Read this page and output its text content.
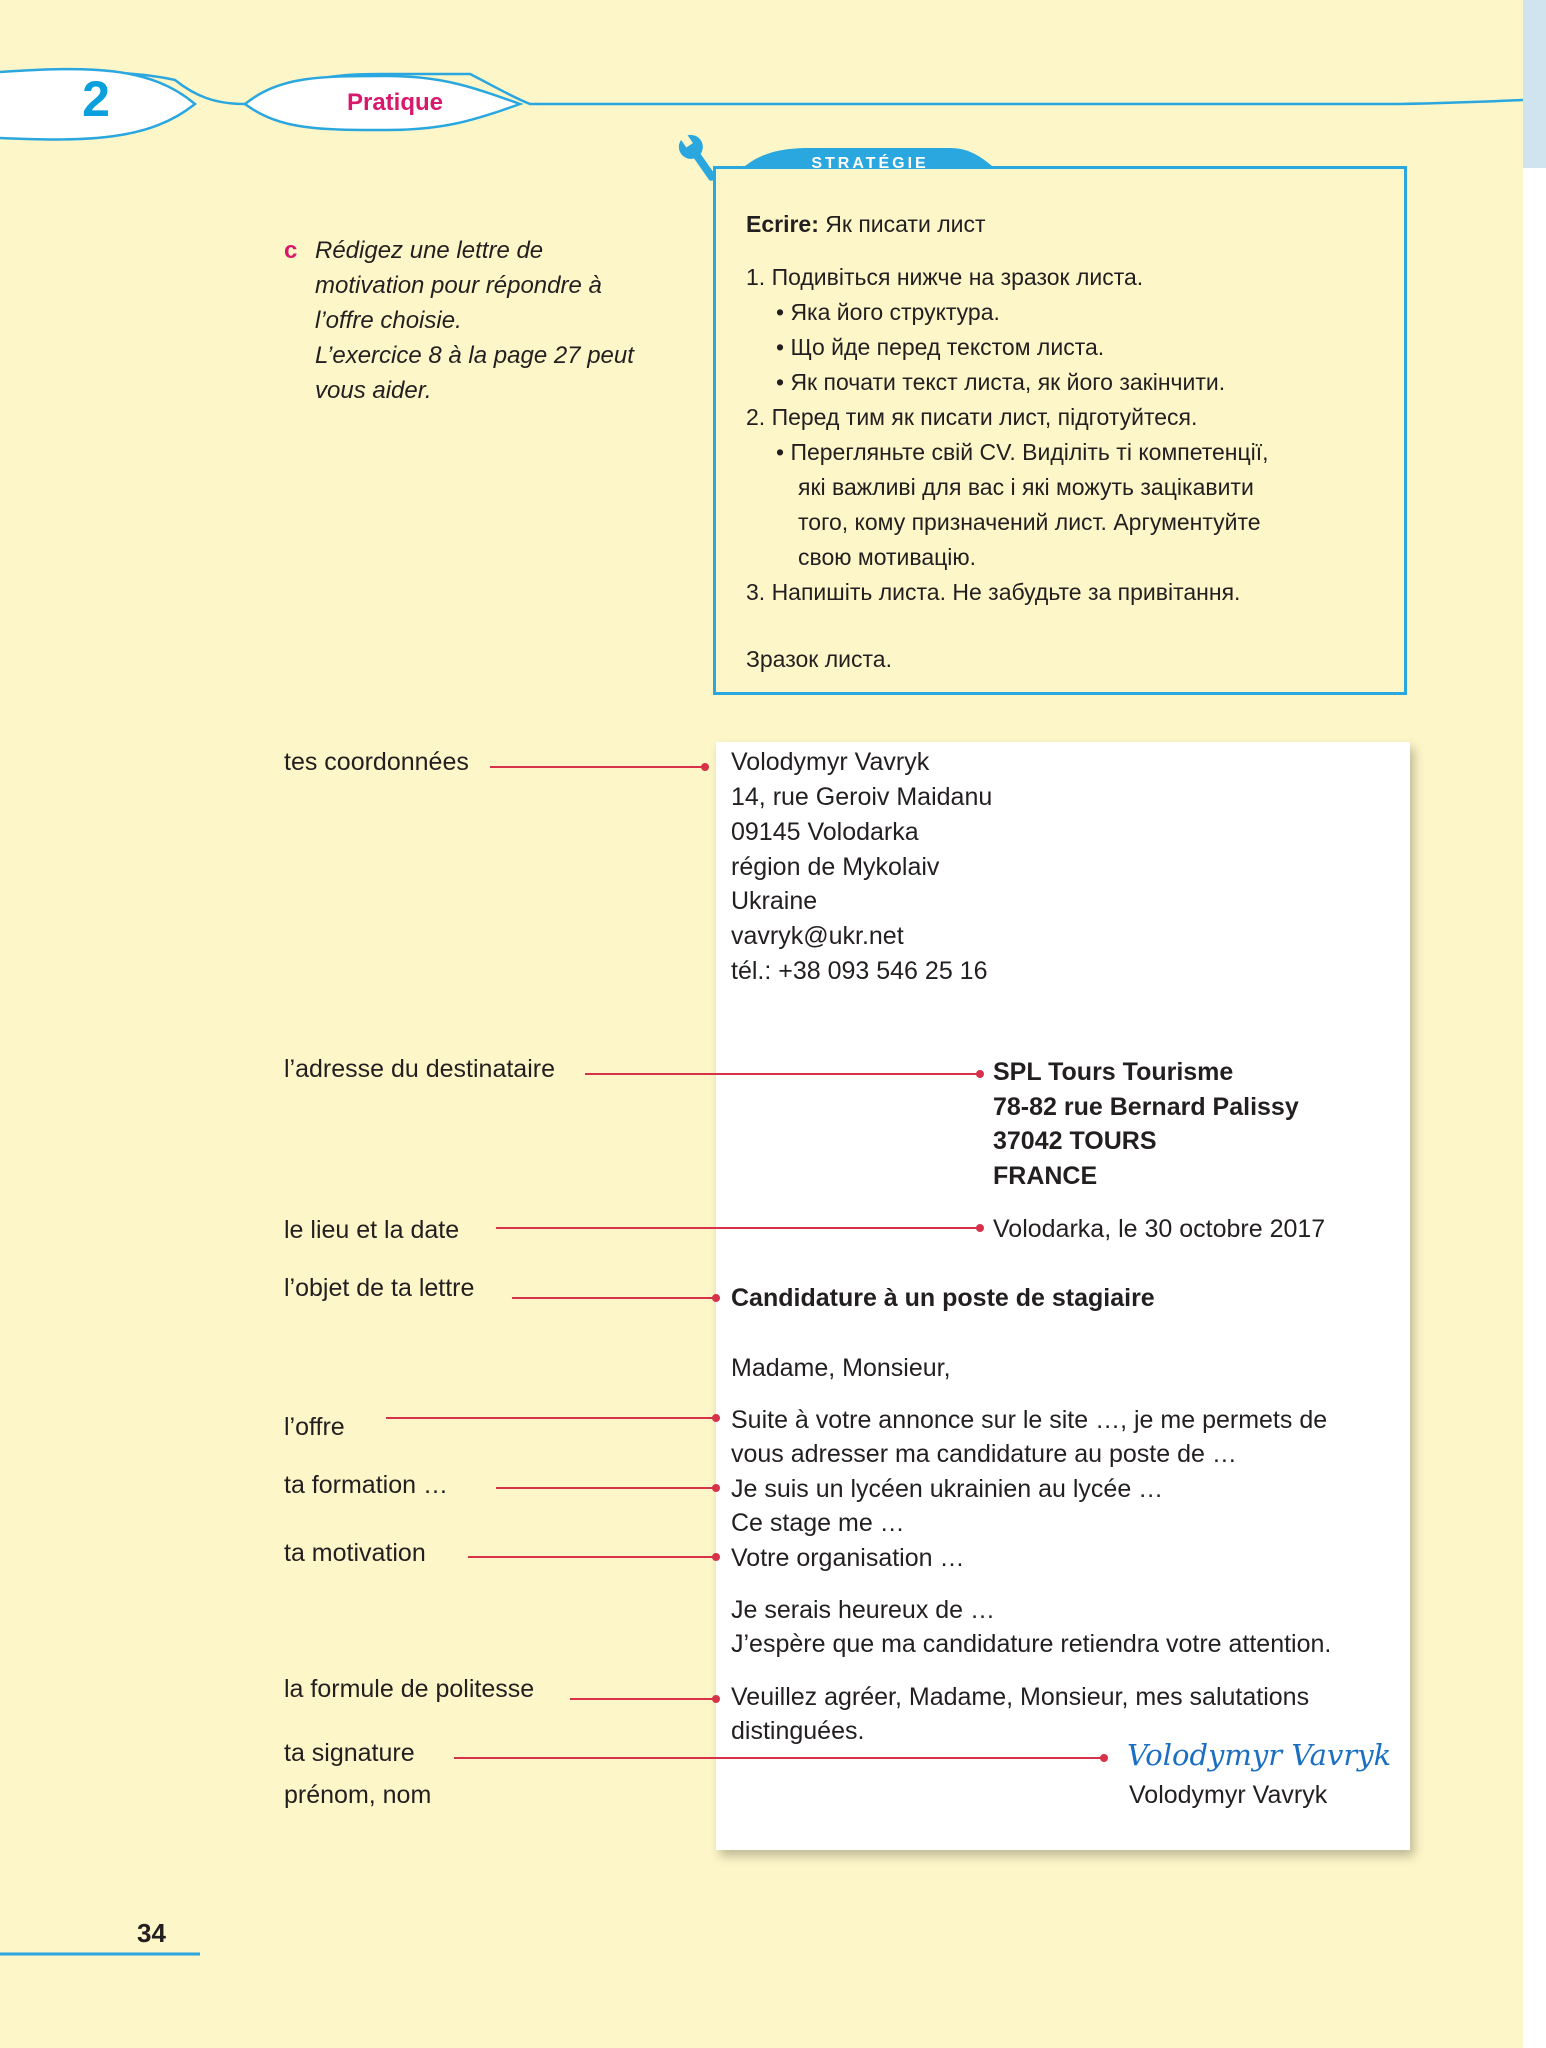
2	Pratique
STRATÉGIE
Ecrire: Як писати лист
1. Подивіться нижче на зразок листа.
• Яка його структура.
• Що йде перед текстом листа.
• Як почати текст листа, як його закінчити.
2. Перед тим як писати лист, підготуйтеся.
• Перегляньте свій CV. Виділіть ті компетенції,
які важливі для вас і які можуть зацікавити
того, кому призначений лист. Аргументуйте
свою мотивацію.
3. Напишіть листа. Не забудьте за привітання.
Зразок листа.
c Rédigez une lettre de
motivation pour répondre à
l’offre choisie.
L’exercice 8 à la page 27 peut
vous aider.
Volodymyr Vavryk
14, rue Geroiv Maidanu
09145 Volodarka
région de Mykolaiv
Ukraine
vavryk@ukr.net
tél.: +38 093 546 25 16
SPL Tours Tourisme
78-82 rue Bernard Palissy
37042 TOURS
FRANCE
Volodarka, le 30 octobre 2017
Candidature à un poste de stagiaire
Madame, Monsieur,
Suite à votre annonce sur le site …, je me permets de
vous adresser ma candidature au poste de …
Je suis un lycéen ukrainien au lycée …
Ce stage me …
Votre organisation …
Je serais heureux de …
J’espère que ma candidature retiendra votre attention.
Veuillez agréer, Madame, Monsieur, mes salutations
distinguées.
Volodymyr Vavryk
Volodymyr Vavryk
tes coordonnées
l’adresse du destinataire
le lieu et la date
l’objet de ta lettre
l’offre
ta formation …
ta motivation
la formule de politesse
ta signature
prénom, nom
34
